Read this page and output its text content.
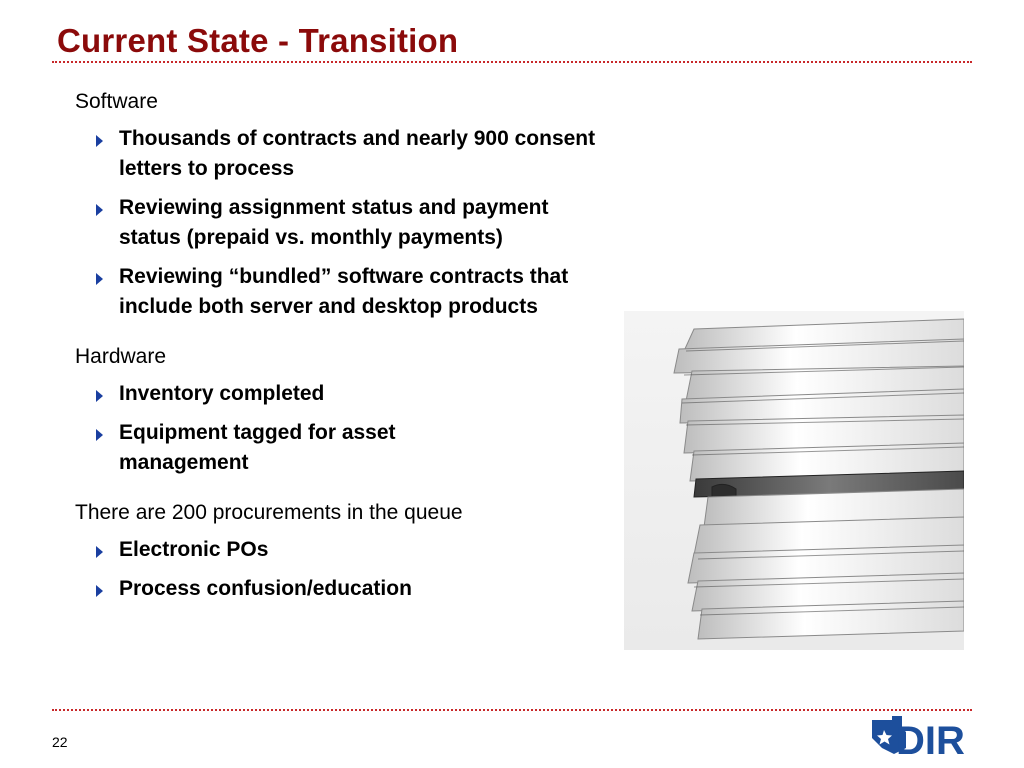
Current State - Transition
Software
Thousands of contracts and nearly 900 consent letters to process
Reviewing assignment status and payment status (prepaid vs. monthly payments)
Reviewing “bundled” software contracts that include both server and desktop products
Hardware
Inventory completed
Equipment tagged for asset management
There are 200 procurements in the queue
Electronic POs
Process confusion/education
22	DIR
